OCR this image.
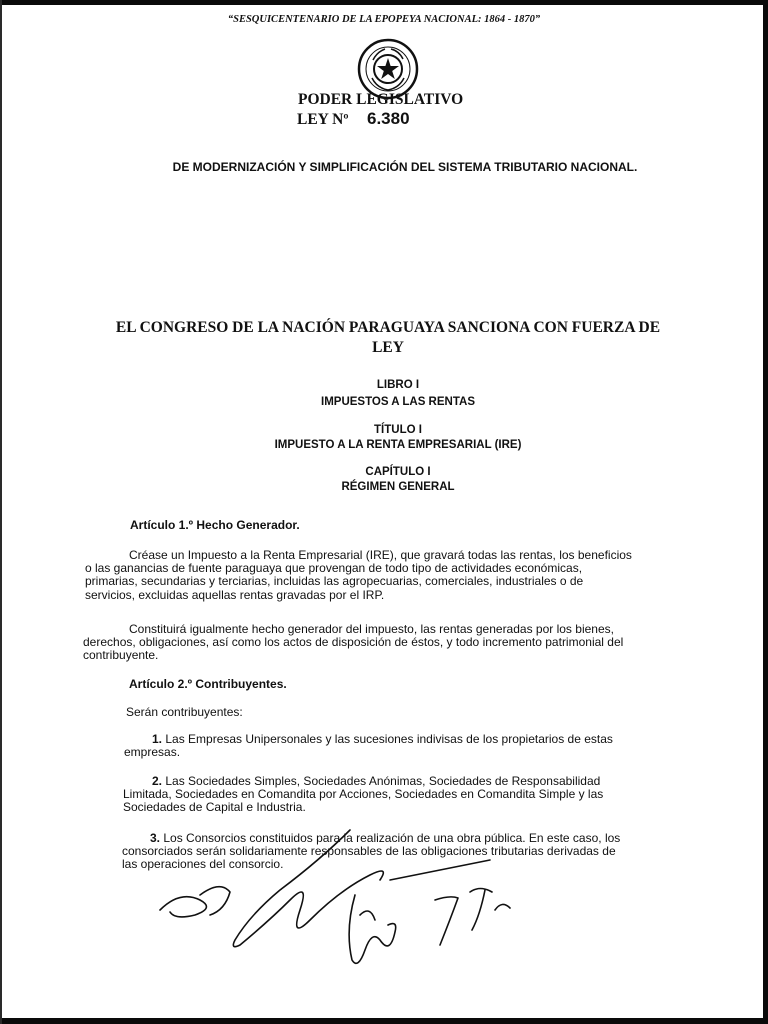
“SESQUICENTENARIO DE LA EPOPEYA NACIONAL: 1864 - 1870”
PODER LEGISLATIVO
LEY Nº 6.380
DE MODERNIZACIÓN Y SIMPLIFICACIÓN DEL SISTEMA TRIBUTARIO NACIONAL.
EL CONGRESO DE LA NACIÓN PARAGUAYA SANCIONA CON FUERZA DE
LEY
LIBRO I
IMPUESTOS A LAS RENTAS
TÍTULO I
IMPUESTO A LA RENTA EMPRESARIAL (IRE)
CAPÍTULO I
RÉGIMEN GENERAL
Artículo 1.º Hecho Generador.
Créase un Impuesto a la Renta Empresarial (IRE), que gravará todas las rentas, los beneficios
o las ganancias de fuente paraguaya que provengan de todo tipo de actividades económicas,
primarias, secundarias y terciarias, incluidas las agropecuarias, comerciales, industriales o de
servicios, excluidas aquellas rentas gravadas por el IRP.
Constituirá igualmente hecho generador del impuesto, las rentas generadas por los bienes,
derechos, obligaciones, así como los actos de disposición de éstos, y todo incremento patrimonial del
contribuyente.
Artículo 2.º Contribuyentes.
Serán contribuyentes:
1. Las Empresas Unipersonales y las sucesiones indivisas de los propietarios de estas
empresas.
2. Las Sociedades Simples, Sociedades Anónimas, Sociedades de Responsabilidad
Limitada, Sociedades en Comandita por Acciones, Sociedades en Comandita Simple y las
Sociedades de Capital e Industria.
3. Los Consorcios constituidos para la realización de una obra pública. En este caso, los
consorciados serán solidariamente responsables de las obligaciones tributarias derivadas de
las operaciones del consorcio.
